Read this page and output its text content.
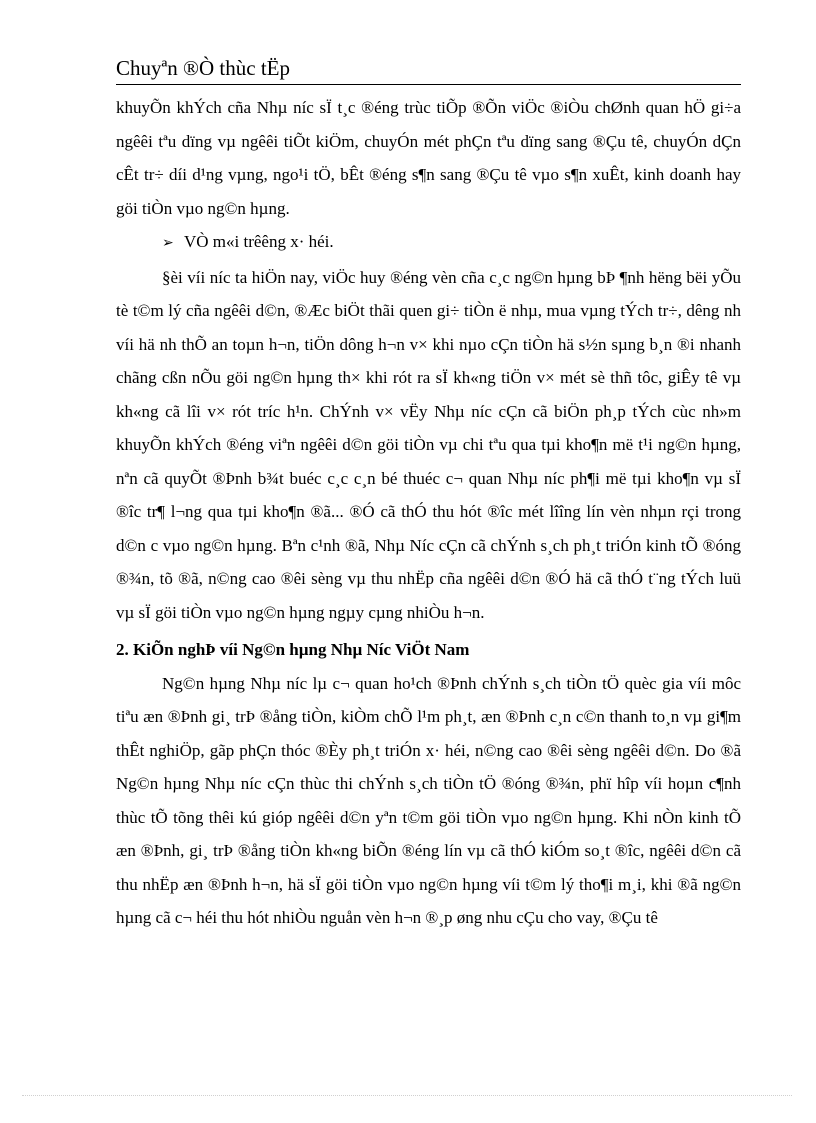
Chuyªn ®Ò thùc tËp

khuyÕn khÝch cña Nhµ níc sÏ t¸c ®éng trùc tiÕp ®Õn viÖc ®iÒu chØnh quan hÖ gi÷a ngêêi tªu dïng vµ ngêêi tiÕt kiÖm, chuyÓn mét phÇn tªu dïng sang ®Çu tê, chuyÓn dÇn cÊt tr÷ díi d¹ng vµng, ngo¹i tÖ, bÊt ®éng s¶n sang ®Çu tê vµo s¶n xuÊt, kinh doanh hay göi tiÒn vµo ng©n hµng.

➢ VÒ m«i trêêng x· héi.

§èi víi níc ta hiÖn nay, viÖc huy ®éng vèn cña c¸c ng©n hµng bÞ ¶nh hëng bëi yÕu tè t©m lý cña ngêêi d©n, ®Æc biÖt thãi quen gi÷ tiÒn ë nhµ, mua vµng tÝch tr÷, dêng nh víi hä nh thÕ an toµn h¬n, tiÖn dông h¬n v× khi nµo cÇn tiÒn hä s½n sµng b¸n ®i nhanh chãng cßn nÕu göi ng©n hµng th× khi rót ra sÏ kh«ng tiÖn v× mét sè thñ tôc, giÊy tê vµ kh«ng cã lîi v× rót tríc h¹n. ChÝnh v× vËy Nhµ níc cÇn cã biÖn ph¸p tÝch cùc nh»m khuyÕn khÝch ®éng viªn ngêêi d©n göi tiÒn vµ chi tªu qua tµi kho¶n më t¹i ng©n hµng, nªn cã quyÕt ®Þnh b¾t buéc c¸c c¸n bé thuéc c¬ quan Nhµ níc ph¶i më tµi kho¶n vµ sÏ ®îc tr¶ l¬ng qua tµi kho¶n ®ã... ®Ó cã thÓ thu hót ®îc mét lîîng lín vèn nhµn rçi trong d©n c vµo ng©n hµng. Bªn c¹nh ®ã, Nhµ Níc cÇn cã chÝnh s¸ch ph¸t triÓn kinh tÕ ®óng ®¾n, tõ ®ã, n©ng cao ®êi sèng vµ thu nhËp cña ngêêi d©n ®Ó hä cã thÓ t¨ng tÝch luü vµ sÏ göi tiÒn vµo ng©n hµng ngµy cµng nhiÒu h¬n.

2. KiÕn nghÞ víi Ng©n hµng Nhµ Níc ViÖt Nam

Ng©n hµng Nhµ níc lµ c¬ quan ho¹ch ®Þnh chÝnh s¸ch tiÒn tÖ quèc gia víi môc tiªu æn ®Þnh gi¸ trÞ ®ång tiÒn, kiÒm chÕ l¹m ph¸t, æn ®Þnh c¸n c©n thanh to¸n vµ gi¶m thÊt nghiÖp, gãp phÇn thóc ®Èy ph¸t triÓn x· héi, n©ng cao ®êi sèng ngêêi d©n. Do ®ã Ng©n hµng Nhµ níc cÇn thùc thi chÝnh s¸ch tiÒn tÖ ®óng ®¾n, phï hîp víi hoµn c¶nh thùc tÕ tõng thêi kú gióp ngêêi d©n yªn t©m göi tiÒn vµo ng©n hµng. Khi nÒn kinh tÕ æn ®Þnh, gi¸ trÞ ®ång tiÒn kh«ng biÕn ®éng lín vµ cã thÓ kiÓm so¸t ®îc, ngêêi d©n cã thu nhËp æn ®Þnh h¬n, hä sÏ göi tiÒn vµo ng©n hµng víi t©m lý tho¶i m¸i, khi ®ã ng©n hµng cã c¬ héi thu hót nhiÒu nguån vèn h¬n ®¸p øng nhu cÇu cho vay, ®Çu tê
